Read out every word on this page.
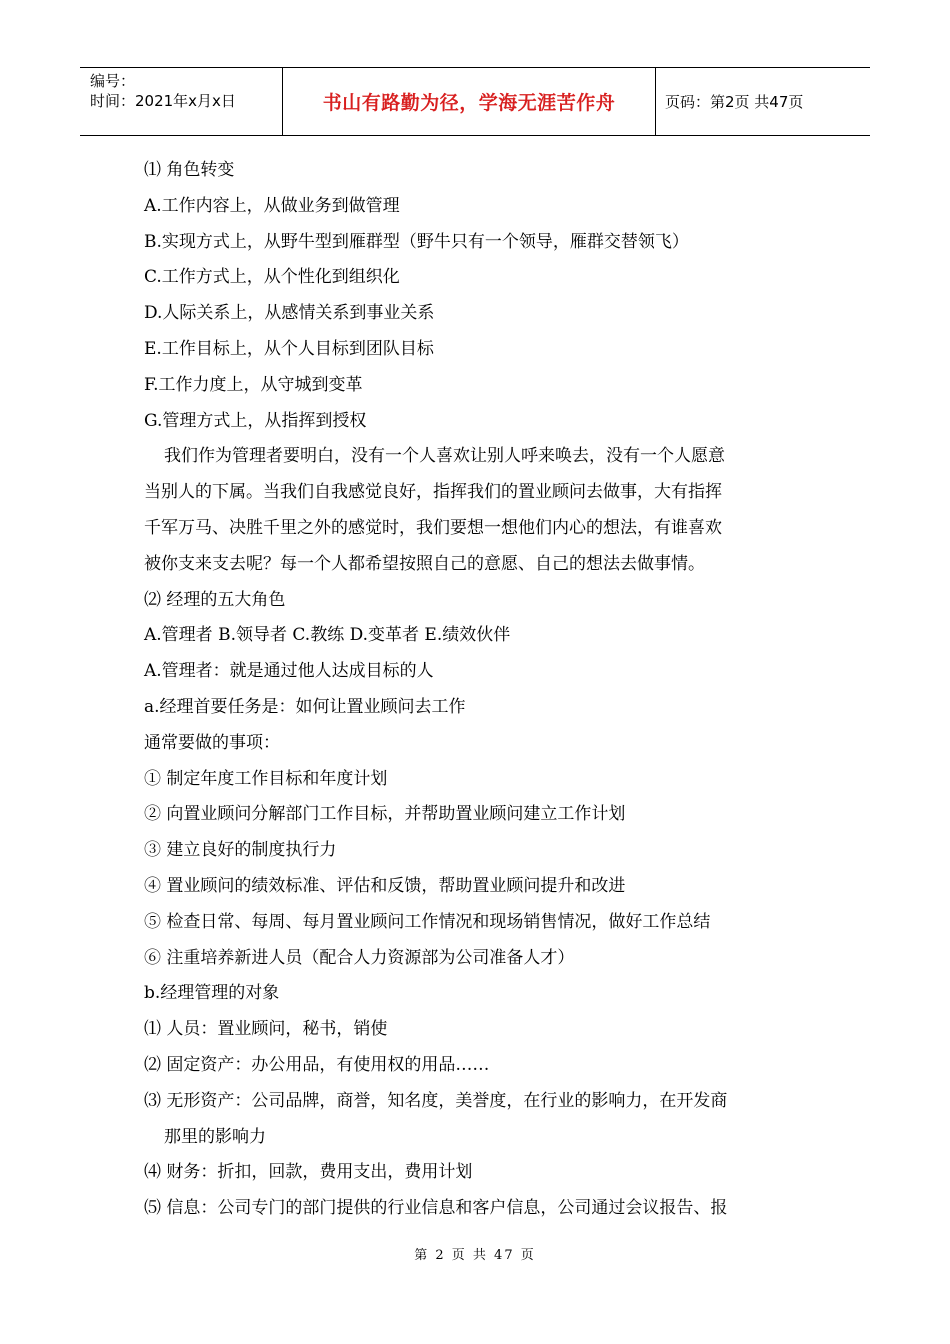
编号：
时间：2021年x月x日	书山有路勤为径，学海无涯苦作舟	页码：第2页 共47页
⑴ 角色转变
A.工作内容上，从做业务到做管理
B.实现方式上，从野牛型到雁群型（野牛只有一个领导，雁群交替领飞）
C.工作方式上，从个性化到组织化
D.人际关系上，从感情关系到事业关系
E.工作目标上，从个人目标到团队目标
F.工作力度上，从守城到变革
G.管理方式上，从指挥到授权
我们作为管理者要明白，没有一个人喜欢让别人呼来唤去，没有一个人愿意
当别人的下属。当我们自我感觉良好，指挥我们的置业顾问去做事，大有指挥
千军万马、决胜千里之外的感觉时，我们要想一想他们内心的想法，有谁喜欢
被你支来支去呢？每一个人都希望按照自己的意愿、自己的想法去做事情。
⑵ 经理的五大角色
A.管理者 B.领导者 C.教练 D.变革者 E.绩效伙伴
A.管理者：就是通过他人达成目标的人
a.经理首要任务是：如何让置业顾问去工作
通常要做的事项：
① 制定年度工作目标和年度计划
② 向置业顾问分解部门工作目标，并帮助置业顾问建立工作计划
③ 建立良好的制度执行力
④ 置业顾问的绩效标准、评估和反馈，帮助置业顾问提升和改进
⑤ 检查日常、每周、每月置业顾问工作情况和现场销售情况，做好工作总结
⑥ 注重培养新进人员（配合人力资源部为公司准备人才）
b.经理管理的对象
⑴ 人员：置业顾问，秘书，销使
⑵ 固定资产：办公用品，有使用权的用品……
⑶ 无形资产：公司品牌，商誉，知名度，美誉度，在行业的影响力，在开发商
那里的影响力
⑷ 财务：折扣，回款，费用支出，费用计划
⑸ 信息：公司专门的部门提供的行业信息和客户信息，公司通过会议报告、报
第 2 页 共 47 页
